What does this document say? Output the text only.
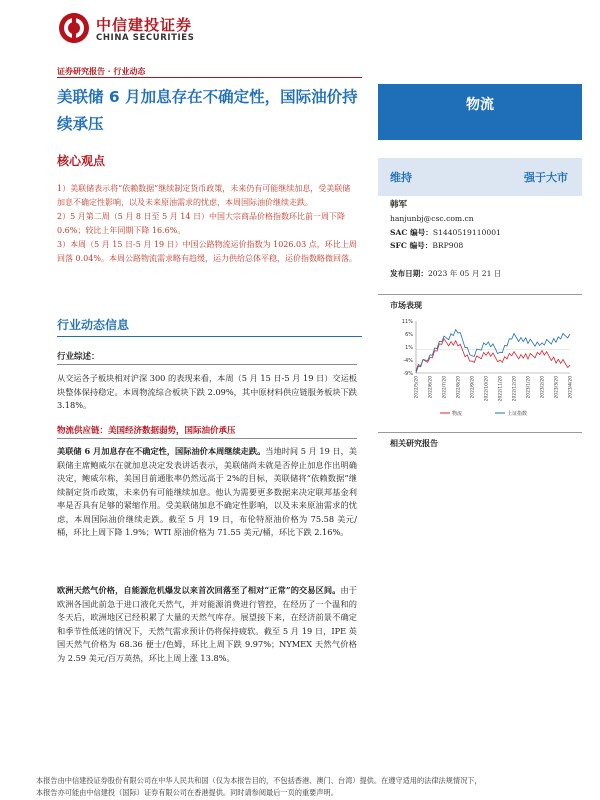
中信建投证券
CHINA SECURITIES
证券研究报告 · 行业动态
美联储 6 月加息存在不确定性，国际油价持续承压
核心观点

1）美联储表示将“依赖数据”继续制定货币政策，未来仍有可能继续加息，受美联储加息不确定性影响，以及未来原油需求的忧虑，本周国际油价继续走跌。

2）5 月第二周（5 月 8 日至 5 月 14 日）中国大宗商品价格指数环比前一周下降 0.6%；较比上年同期下降 16.6%。

3）本周（5 月 15 日-5 月 19 日）中国公路物流运价指数为 1026.03 点，环比上周回落 0.04%。本周公路物流需求略有趋缓，运力供给总体平稳，运价指数略微回落。

行业动态信息
行业综述：
从交运各子板块相对沪深 300 的表现来看，本周（5 月 15 日-5 月 19 日）交运板块整体保持稳定。本周物流综合板块下跌 2.09%，其中原材料供应链服务板块下跌 3.18%。
物流供应链：美国经济数据弱势，国际油价承压
美联储 6 月加息存在不确定性，国际油价本周继续走跌。当地时间 5 月 19 日，美联储主席鲍威尔在就加息决定发表讲话表示，美联储尚未就是否停止加息作出明确决定，鲍威尔称，美国目前通胀率仍然远高于 2%的目标，美联储将“依赖数据”继续制定货币政策，未来仍有可能继续加息。他认为需要更多数据来决定联邦基金利率是否具有足够的紧缩作用。受美联储加息不确定性影响，以及未来原油需求的忧虑，本周国际油价继续走跌。截至 5 月 19 日，布伦特原油价格为 75.58 美元/桶，环比上周下降 1.9%；WTI 原油价格为 71.55 美元/桶，环比下跌 2.16%。
欧洲天然气价格，自能源危机爆发以来首次回落至了相对“正常”的交易区间。由于欧洲各国此前急于进口液化天然气，并对能源消费进行管控，在经历了一个温和的冬天后，欧洲地区已经积累了大量的天然气库存。展望接下来，在经济前景不确定和季节性低迷的情况下，天然气需求预计仍将保持疲软。截至 5 月 19 日，IPE 英国天然气价格为 68.36 便士/色姆，环比上周下跌 9.97%；NYMEX 天然气价格为 2.59 美元/百万英热，环比上周上涨 13.8%。
物流
维持	强于大市
韩军
hanjunbj@csc.com.cn
SAC 编号：S1440519110001
SFC 编号：BRP908
发布日期：2023 年 05 月 21 日
市场表现
11%
6%
1%
-4%
-9%
2022/5/20 2022/6/20 2022/7/20 2022/8/20 2022/9/20 2022/10/20 2022/11/20 2022/12/20 2023/1/20 2023/2/20 2023/3/20 2023/4/20
物流	上证指数
相关研究报告
本报告由中信建投证券股份有限公司在中华人民共和国（仅为本报告目的，不包括香港、澳门、台湾）提供。在遵守适用的法律法规情况下，
本报告亦可能由中信建投（国际）证券有限公司在香港提供。同时请参阅最后一页的重要声明。
